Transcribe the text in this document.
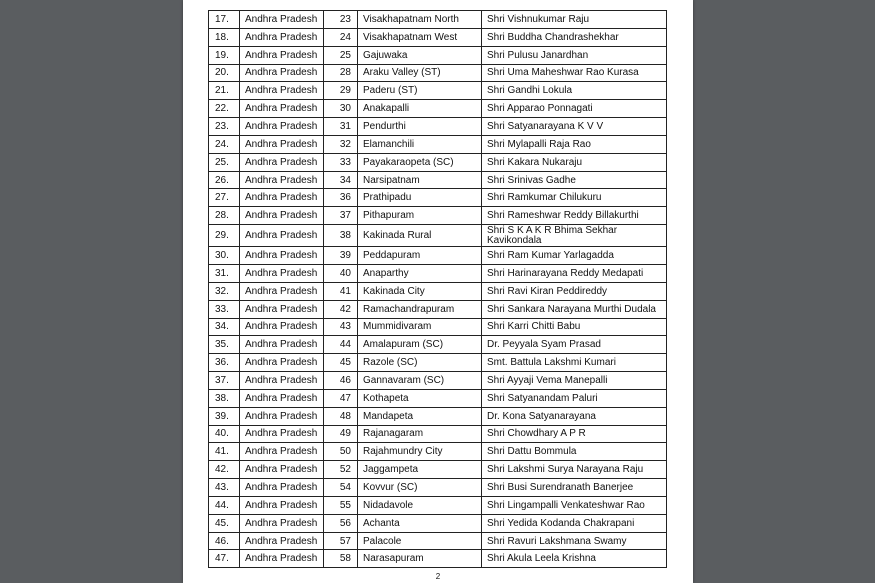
17.	Andhra Pradesh	23	Visakhapatnam North	Shri Vishnukumar Raju
18.	Andhra Pradesh	24	Visakhapatnam West	Shri Buddha Chandrashekhar
19.	Andhra Pradesh	25	Gajuwaka	Shri Pulusu Janardhan
20.	Andhra Pradesh	28	Araku Valley (ST)	Shri Uma Maheshwar Rao Kurasa
21.	Andhra Pradesh	29	Paderu (ST)	Shri Gandhi Lokula
22.	Andhra Pradesh	30	Anakapalli	Shri Apparao Ponnagati
23.	Andhra Pradesh	31	Pendurthi	Shri Satyanarayana K V V
24.	Andhra Pradesh	32	Elamanchili	Shri Mylapalli Raja Rao
25.	Andhra Pradesh	33	Payakaraopeta (SC)	Shri Kakara Nukaraju
26.	Andhra Pradesh	34	Narsipatnam	Shri Srinivas Gadhe
27.	Andhra Pradesh	36	Prathipadu	Shri Ramkumar Chilukuru
28.	Andhra Pradesh	37	Pithapuram	Shri Rameshwar Reddy Billakurthi
29.	Andhra Pradesh	38	Kakinada Rural	Shri S K A K R Bhima Sekhar Kavikondala
30.	Andhra Pradesh	39	Peddapuram	Shri Ram Kumar Yarlagadda
31.	Andhra Pradesh	40	Anaparthy	Shri Harinarayana Reddy Medapati
32.	Andhra Pradesh	41	Kakinada City	Shri Ravi Kiran Peddireddy
33.	Andhra Pradesh	42	Ramachandrapuram	Shri Sankara Narayana Murthi Dudala
34.	Andhra Pradesh	43	Mummidivaram	Shri Karri Chitti Babu
35.	Andhra Pradesh	44	Amalapuram (SC)	Dr. Peyyala Syam Prasad
36.	Andhra Pradesh	45	Razole (SC)	Smt. Battula Lakshmi Kumari
37.	Andhra Pradesh	46	Gannavaram (SC)	Shri Ayyaji Vema Manepalli
38.	Andhra Pradesh	47	Kothapeta	Shri Satyanandam Paluri
39.	Andhra Pradesh	48	Mandapeta	Dr. Kona Satyanarayana
40.	Andhra Pradesh	49	Rajanagaram	Shri Chowdhary A P R
41.	Andhra Pradesh	50	Rajahmundry City	Shri Dattu Bommula
42.	Andhra Pradesh	52	Jaggampeta	Shri Lakshmi Surya Narayana Raju
43.	Andhra Pradesh	54	Kovvur (SC)	Shri Busi Surendranath Banerjee
44.	Andhra Pradesh	55	Nidadavole	Shri Lingampalli Venkateshwar Rao
45.	Andhra Pradesh	56	Achanta	Shri Yedida Kodanda Chakrapani
46.	Andhra Pradesh	57	Palacole	Shri Ravuri Lakshmana Swamy
47.	Andhra Pradesh	58	Narasapuram	Shri Akula Leela Krishna
2
